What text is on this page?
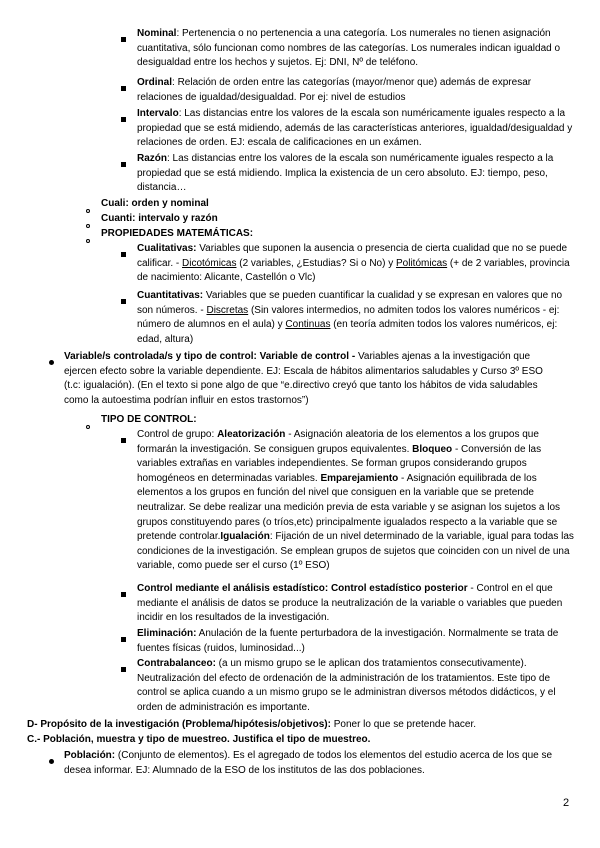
Nominal: Pertenencia o no pertenencia a una categoría. Los numerales no tienen asignación cuantitativa, sólo funcionan como nombres de las categorías. Los numerales indican igualdad o desigualdad entre los hechos y sujetos. Ej: DNI, Nº de teléfono.
Ordinal: Relación de orden entre las categorías (mayor/menor que) además de expresar relaciones de igualdad/desigualdad. Por ej: nivel de estudios
Intervalo: Las distancias entre los valores de la escala son numéricamente iguales respecto a la propiedad que se está midiendo, además de las características anteriores, igualdad/desigualdad y relaciones de orden. EJ: escala de calificaciones en un exámen.
Razón: Las distancias entre los valores de la escala son numéricamente iguales respecto a la propiedad que se está midiendo. Implica la existencia de un cero absoluto. EJ: tiempo, peso, distancia…
Cuali: orden y nominal
Cuanti: intervalo y razón
PROPIEDADES MATEMÁTICAS:
Cualitativas: Variables que suponen la ausencia o presencia de cierta cualidad que no se puede calificar. - Dicotómicas (2 variables, ¿Estudias? Si o No) y Politómicas (+ de 2 variables, provincia de nacimiento: Alicante, Castellón o Vlc)
Cuantitativas: Variables que se pueden cuantificar la cualidad y se expresan en valores que no son números. - Discretas (Sin valores intermedios, no admiten todos los valores numéricos - ej: número de alumnos en el aula) y Continuas (en teoría admiten todos los valores numéricos, ej: edad, altura)
Variable/s controlada/s y tipo de control: Variable de control - Variables ajenas a la investigación que ejercen efecto sobre la variable dependiente. EJ: Escala de hábitos alimentarios saludables y Curso 3º ESO (t.c: igualación). (En el texto si pone algo de que “e.directivo creyó que tanto los hábitos de vida saludables como la autoestima podrían influir en estos trastornos”)
TIPO DE CONTROL:
Control de grupo: Aleatorización - Asignación aleatoria de los elementos a los grupos que formarán la investigación. Se consiguen grupos equivalentes. Bloqueo - Conversión de las variables extrañas en variables independientes. Se forman grupos considerando grupos homogéneos en determinadas variables. Emparejamiento - Asignación equilibrada de los elementos a los grupos en función del nivel que consiguen en la variable que se pretende neutralizar. Se debe realizar una medición previa de esta variable y se asignan los sujetos a los grupos constituyendo pares (o tríos,etc) principalmente igualados respecto a la variable que se pretende controlar.Igualación: Fijación de un nivel determinado de la variable, igual para todas las condiciones de la investigación. Se emplean grupos de sujetos que coinciden con un nivel de una variable, como puede ser el curso (1º ESO)
Control mediante el análisis estadístico: Control estadístico posterior - Control en el que mediante el análisis de datos se produce la neutralización de la variable o variables que pueden incidir en los resultados de la investigación.
Eliminación: Anulación de la fuente perturbadora de la investigación. Normalmente se trata de fuentes físicas (ruidos, luminosidad...)
Contrabalanceo: (a un mismo grupo se le aplican dos tratamientos consecutivamente). Neutralización del efecto de ordenación de la administración de los tratamientos. Este tipo de control se aplica cuando a un mismo grupo se le administran diversos métodos didácticos, y el orden de administración es importante.
D- Propósito de la investigación (Problema/hipótesis/objetivos): Poner lo que se pretende hacer.
C.- Población, muestra y tipo de muestreo. Justifica el tipo de muestreo.
Población: (Conjunto de elementos). Es el agregado de todos los elementos del estudio acerca de los que se desea informar. EJ: Alumnado de la ESO de los institutos de las dos poblaciones.
2
